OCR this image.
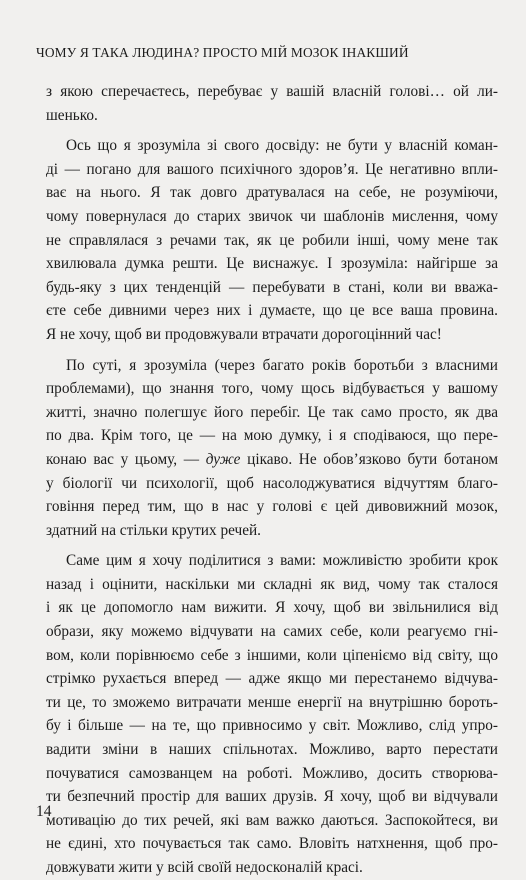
ЧОМУ Я ТАКА ЛЮДИНА? ПРОСТО МІЙ МОЗОК ІНАКШИЙ
з якою сперечаєтесь, перебуває у вашій власній голові… ой ли-
шенько.
Ось що я зрозуміла зі свого досвіду: не бути у власній коман-
ді — погано для вашого психічного здоров’я. Це негативно впли-
ває на нього. Я так довго дратувалася на себе, не розуміючи,
чому повернулася до старих звичок чи шаблонів мислення, чому
не справлялася з речами так, як це робили інші, чому мене так
хвилювала думка решти. Це виснажує. І зрозуміла: найгірше за
будь-яку з цих тенденцій — перебувати в стані, коли ви вважа-
єте себе дивними через них і думаєте, що це все ваша провина.
Я не хочу, щоб ви продовжували втрачати дорогоцінний час!
По суті, я зрозуміла (через багато років боротьби з власними
проблемами), що знання того, чому щось відбувається у вашому
житті, значно полегшує його перебіг. Це так само просто, як два
по два. Крім того, це — на мою думку, і я сподіваюся, що пере-
конаю вас у цьому, — дуже цікаво. Не обов’язково бути ботаном
у біології чи психології, щоб насолоджуватися відчуттям благо-
говіння перед тим, що в нас у голові є цей дивовижний мозок,
здатний на стільки крутих речей.
Саме цим я хочу поділитися з вами: можливістю зробити крок
назад і оцінити, наскільки ми складні як вид, чому так сталося
і як це допомогло нам вижити. Я хочу, щоб ви звільнилися від
образи, яку можемо відчувати на самих себе, коли реагуємо гні-
вом, коли порівнюємо себе з іншими, коли ціпеніємо від світу, що
стрімко рухається вперед — адже якщо ми перестанемо відчува-
ти це, то зможемо витрачати менше енергії на внутрішню бороть-
бу і більше — на те, що привносимо у світ. Можливо, слід упро-
вадити зміни в наших спільнотах. Можливо, варто перестати
почуватися самозванцем на роботі. Можливо, досить створюва-
ти безпечний простір для ваших друзів. Я хочу, щоб ви відчували
мотивацію до тих речей, які вам важко даються. Заспокойтеся, ви
не єдині, хто почувається так само. Вловіть натхнення, щоб про-
довжувати жити у всій своїй недосконалій красі.
14
